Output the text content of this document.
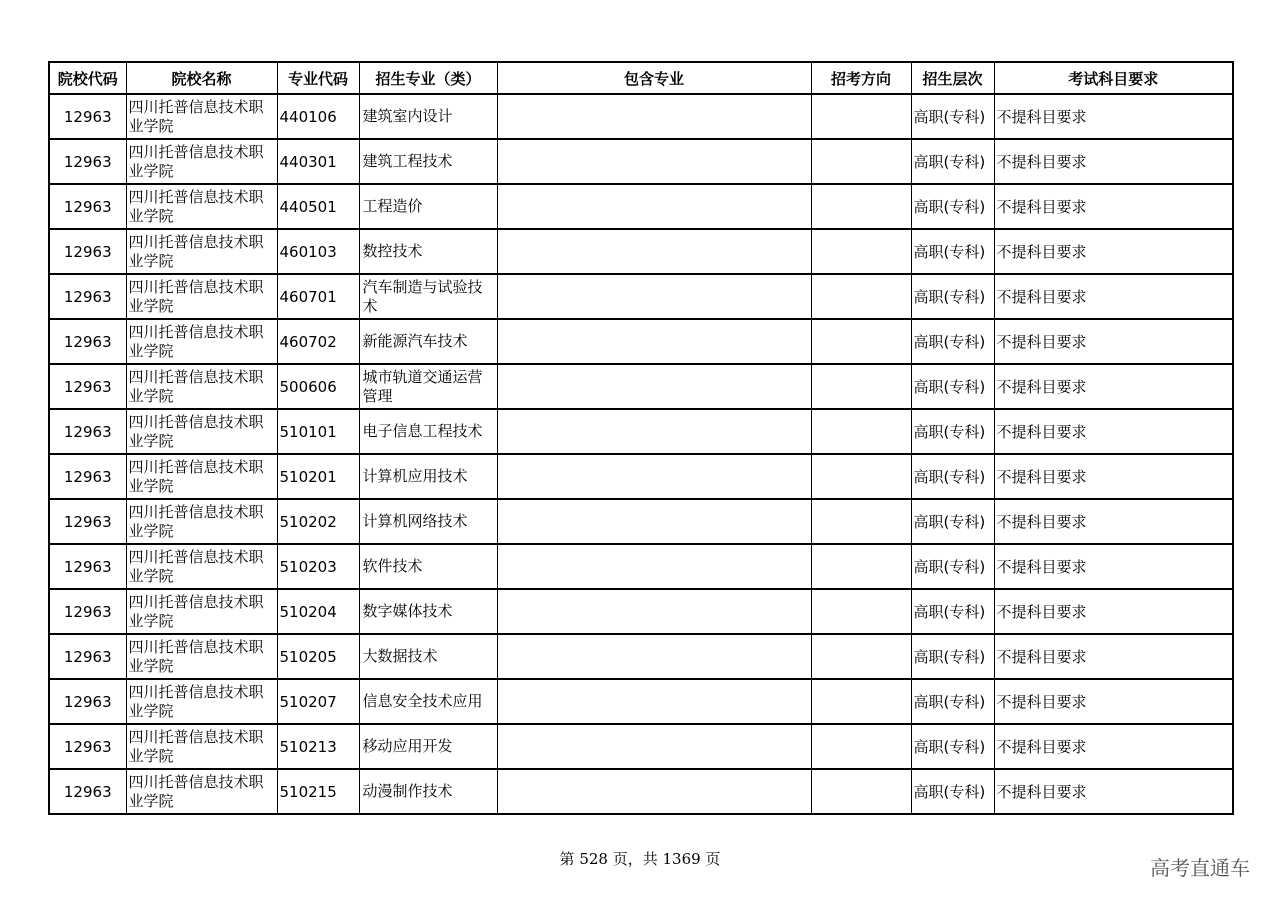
院校代码	院校名称	专业代码	招生专业（类）	包含专业	招考方向	招生层次	考试科目要求
12963	四川托普信息技术职业学院	440106	建筑室内设计			高职(专科)	不提科目要求
12963	四川托普信息技术职业学院	440301	建筑工程技术			高职(专科)	不提科目要求
12963	四川托普信息技术职业学院	440501	工程造价			高职(专科)	不提科目要求
12963	四川托普信息技术职业学院	460103	数控技术			高职(专科)	不提科目要求
12963	四川托普信息技术职业学院	460701	汽车制造与试验技术			高职(专科)	不提科目要求
12963	四川托普信息技术职业学院	460702	新能源汽车技术			高职(专科)	不提科目要求
12963	四川托普信息技术职业学院	500606	城市轨道交通运营管理			高职(专科)	不提科目要求
12963	四川托普信息技术职业学院	510101	电子信息工程技术			高职(专科)	不提科目要求
12963	四川托普信息技术职业学院	510201	计算机应用技术			高职(专科)	不提科目要求
12963	四川托普信息技术职业学院	510202	计算机网络技术			高职(专科)	不提科目要求
12963	四川托普信息技术职业学院	510203	软件技术			高职(专科)	不提科目要求
12963	四川托普信息技术职业学院	510204	数字媒体技术			高职(专科)	不提科目要求
12963	四川托普信息技术职业学院	510205	大数据技术			高职(专科)	不提科目要求
12963	四川托普信息技术职业学院	510207	信息安全技术应用			高职(专科)	不提科目要求
12963	四川托普信息技术职业学院	510213	移动应用开发			高职(专科)	不提科目要求
12963	四川托普信息技术职业学院	510215	动漫制作技术			高职(专科)	不提科目要求
第 528 页，共 1369 页	高考直通车
